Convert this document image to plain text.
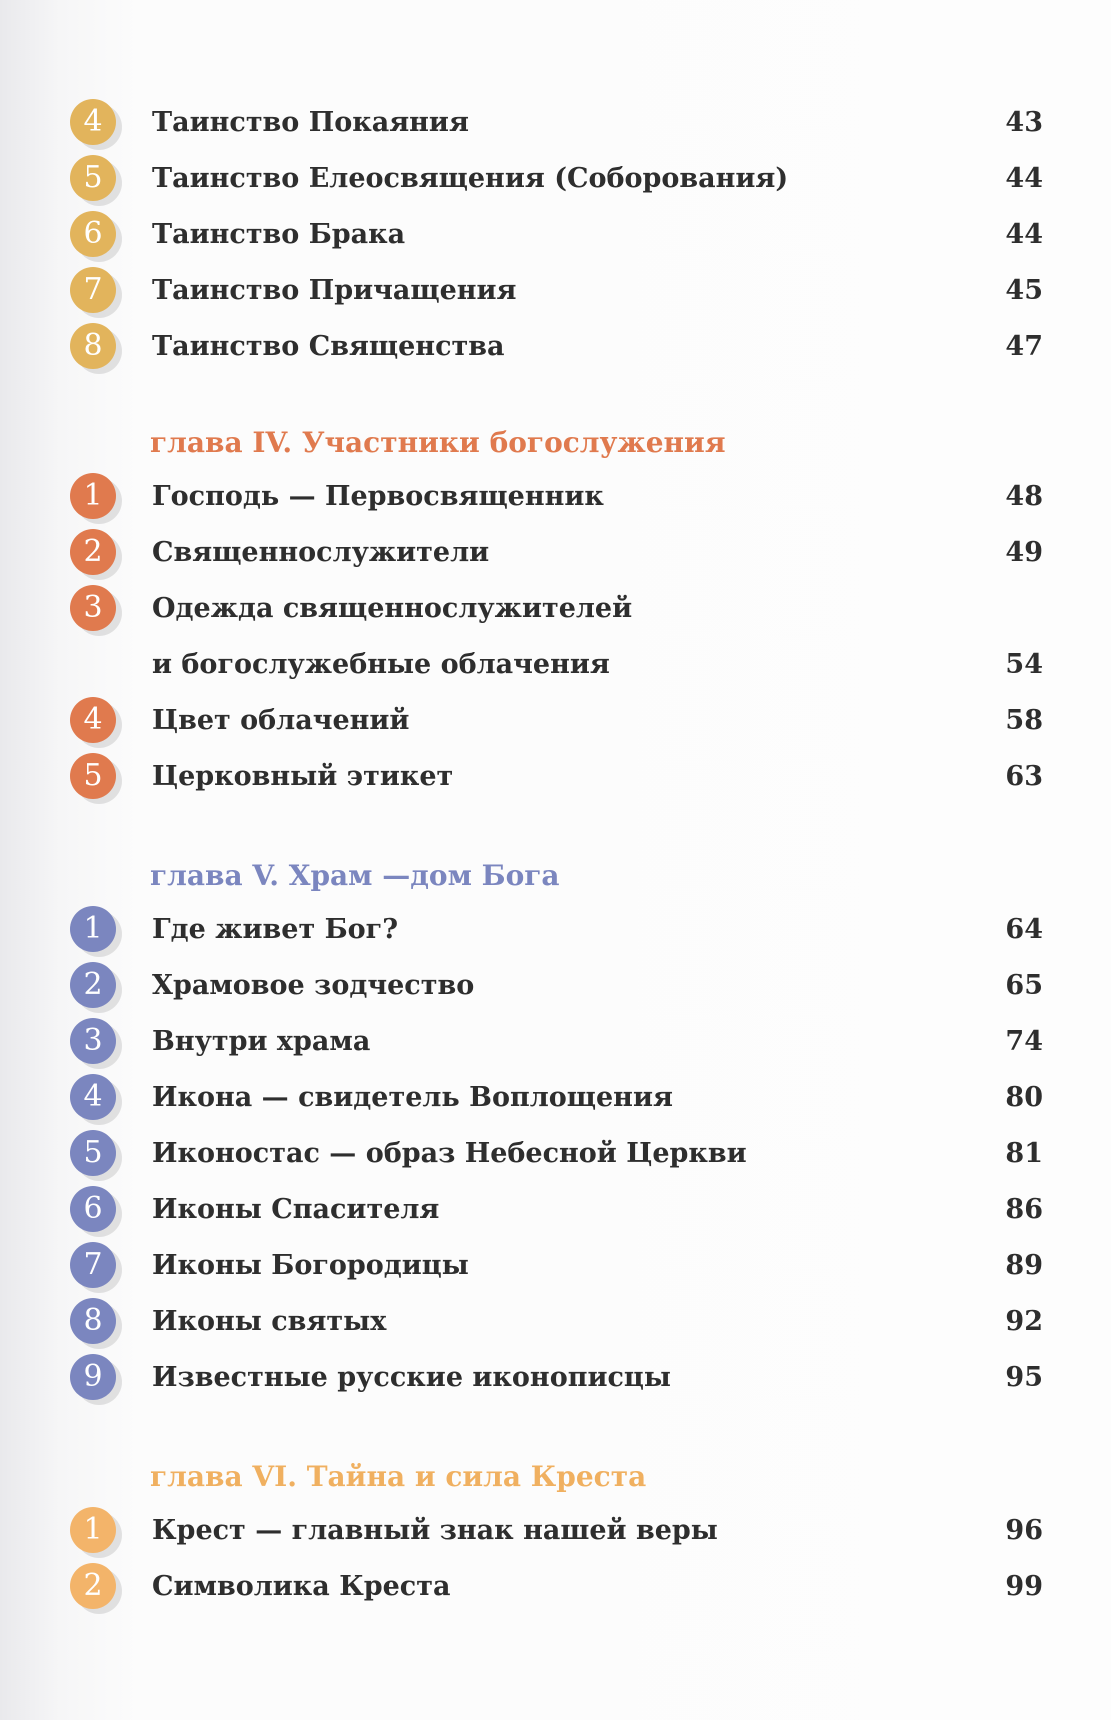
4	Таинство Покаяния	43
5	Таинство Елеосвящения (Соборования)	44
6	Таинство Брака	44
7	Таинство Причащения	45
8	Таинство Священства	47
глава IV. Участники богослужения
1	Господь — Первосвященник	48
2	Священнослужители	49
3	Одежда священнослужителей
и богослужебные облачения	54
4	Цвет облачений	58
5	Церковный этикет	63
глава V. Храм —дом Бога
1	Где живет Бог?	64
2	Храмовое зодчество	65
3	Внутри храма	74
4	Икона — свидетель Воплощения	80
5	Иконостас — образ Небесной Церкви	81
6	Иконы Спасителя	86
7	Иконы Богородицы	89
8	Иконы святых	92
9	Известные русские иконописцы	95
глава VI. Тайна и сила Креста
1	Крест — главный знак нашей веры	96
2	Символика Креста	99
